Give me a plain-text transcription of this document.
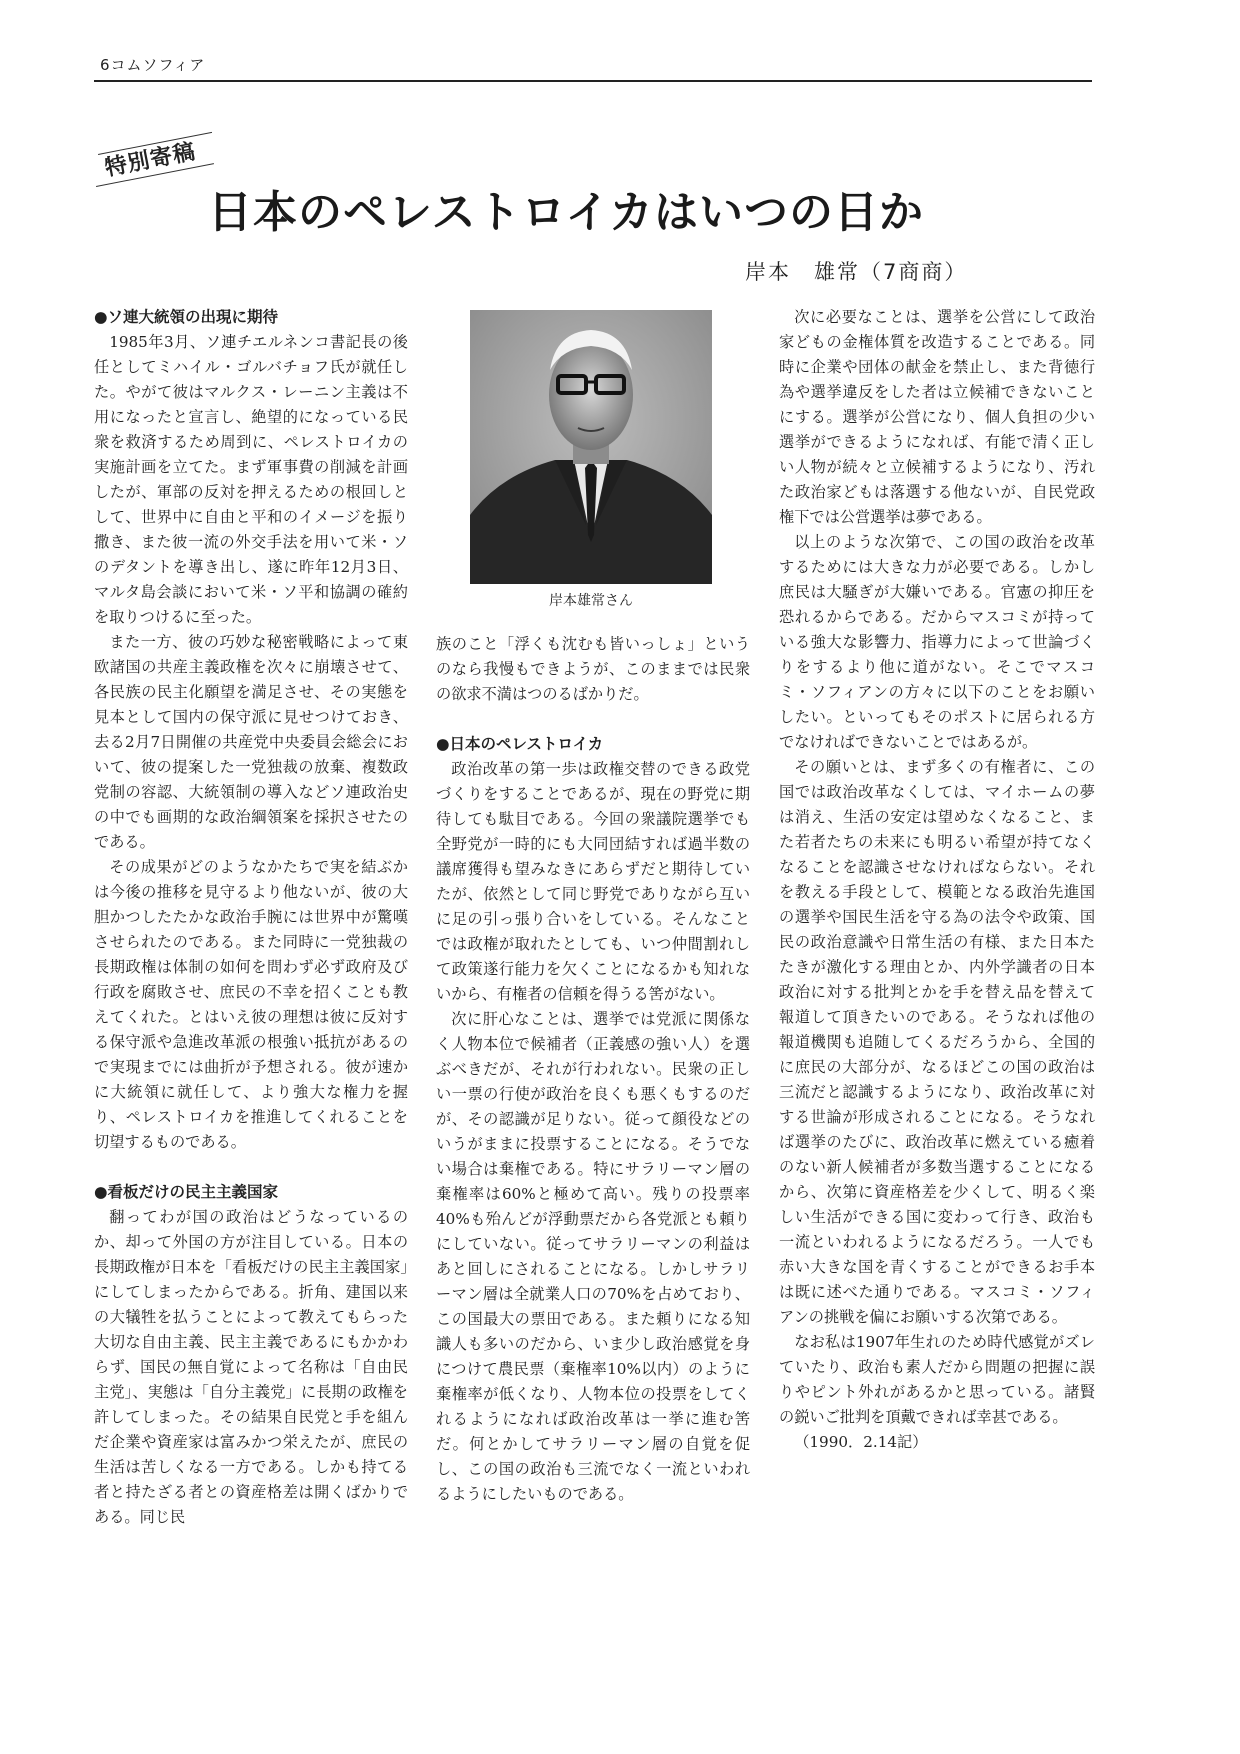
6コムソフィア
特別寄稿
日本のペレストロイカはいつの日か
岸本　雄常（7商商）
●ソ連大統領の出現に期待

1985年3月、ソ連チエルネンコ書記長の後任としてミハイル・ゴルバチョフ氏が就任した。やがて彼はマルクス・レーニン主義は不用になったと宣言し、絶望的になっている民衆を救済するため周到に、ペレストロイカの実施計画を立てた。まず軍事費の削減を計画したが、軍部の反対を押えるための根回しとして、世界中に自由と平和のイメージを振り撒き、また彼一流の外交手法を用いて米・ソのデタントを導き出し、遂に昨年12月3日、マルタ島会談において米・ソ平和協調の確約を取りつけるに至った。

また一方、彼の巧妙な秘密戦略によって東欧諸国の共産主義政権を次々に崩壊させて、各民族の民主化願望を満足させ、その実態を見本として国内の保守派に見せつけておき、去る2月7日開催の共産党中央委員会総会において、彼の提案した一党独裁の放棄、複数政党制の容認、大統領制の導入などソ連政治史の中でも画期的な政治綱領案を採択させたのである。

その成果がどのようなかたちで実を結ぶかは今後の推移を見守るより他ないが、彼の大胆かつしたたかな政治手腕には世界中が驚嘆させられたのである。また同時に一党独裁の長期政権は体制の如何を問わず必ず政府及び行政を腐敗させ、庶民の不幸を招くことも教えてくれた。とはいえ彼の理想は彼に反対する保守派や急進改革派の根強い抵抗があるので実現までには曲折が予想される。彼が速かに大統領に就任して、より強大な権力を握り、ペレストロイカを推進してくれることを切望するものである。

●看板だけの民主主義国家

翻ってわが国の政治はどうなっているのか、却って外国の方が注目している。日本の長期政権が日本を「看板だけの民主主義国家」にしてしまったからである。折角、建国以来の大犠牲を払うことによって教えてもらった大切な自由主義、民主主義であるにもかかわらず、国民の無自覚によって名称は「自由民主党」、実態は「自分主義党」に長期の政権を許してしまった。その結果自民党と手を組んだ企業や資産家は富みかつ栄えたが、庶民の生活は苦しくなる一方である。しかも持てる者と持たざる者との資産格差は開くばかりである。同じ民

岸本雄常さん

族のこと「浮くも沈むも皆いっしょ」というのなら我慢もできようが、このままでは民衆の欲求不満はつのるばかりだ。

●日本のペレストロイカ

政治改革の第一歩は政権交替のできる政党づくりをすることであるが、現在の野党に期待しても駄目である。今回の衆議院選挙でも全野党が一時的にも大同団結すれば過半数の議席獲得も望みなきにあらずだと期待していたが、依然として同じ野党でありながら互いに足の引っ張り合いをしている。そんなことでは政権が取れたとしても、いつ仲間割れして政策遂行能力を欠くことになるかも知れないから、有権者の信頼を得うる筈がない。

次に肝心なことは、選挙では党派に関係なく人物本位で候補者（正義感の強い人）を選ぶべきだが、それが行われない。民衆の正しい一票の行使が政治を良くも悪くもするのだが、その認識が足りない。従って顔役などのいうがままに投票することになる。そうでない場合は棄権である。特にサラリーマン層の棄権率は60%と極めて高い。残りの投票率40%も殆んどが浮動票だから各党派とも頼りにしていない。従ってサラリーマンの利益はあと回しにされることになる。しかしサラリーマン層は全就業人口の70%を占めており、この国最大の票田である。また頼りになる知識人も多いのだから、いま少し政治感覚を身につけて農民票（棄権率10%以内）のように棄権率が低くなり、人物本位の投票をしてくれるようになれば政治改革は一挙に進む筈だ。何とかしてサラリーマン層の自覚を促し、この国の政治も三流でなく一流といわれるようにしたいものである。

次に必要なことは、選挙を公営にして政治家どもの金権体質を改造することである。同時に企業や団体の献金を禁止し、また背徳行為や選挙違反をした者は立候補できないことにする。選挙が公営になり、個人負担の少い選挙ができるようになれば、有能で清く正しい人物が続々と立候補するようになり、汚れた政治家どもは落選する他ないが、自民党政権下では公営選挙は夢である。

以上のような次第で、この国の政治を改革するためには大きな力が必要である。しかし庶民は大騒ぎが大嫌いである。官憲の抑圧を恐れるからである。だからマスコミが持っている強大な影響力、指導力によって世論づくりをするより他に道がない。そこでマスコミ・ソフィアンの方々に以下のことをお願いしたい。といってもそのポストに居られる方でなければできないことではあるが。

その願いとは、まず多くの有権者に、この国では政治改革なくしては、マイホームの夢は消え、生活の安定は望めなくなること、また若者たちの未来にも明るい希望が持てなくなることを認識させなければならない。それを教える手段として、模範となる政治先進国の選挙や国民生活を守る為の法令や政策、国民の政治意識や日常生活の有様、また日本たたきが激化する理由とか、内外学識者の日本政治に対する批判とかを手を替え品を替えて報道して頂きたいのである。そうなれば他の報道機関も追随してくるだろうから、全国的に庶民の大部分が、なるほどこの国の政治は三流だと認識するようになり、政治改革に対する世論が形成されることになる。そうなれば選挙のたびに、政治改革に燃えている癒着のない新人候補者が多数当選することになるから、次第に資産格差を少くして、明るく楽しい生活ができる国に変わって行き、政治も一流といわれるようになるだろう。一人でも赤い大きな国を青くすることができるお手本は既に述べた通りである。マスコミ・ソフィアンの挑戦を偏にお願いする次第である。

なお私は1907年生れのため時代感覚がズレていたり、政治も素人だから問題の把握に誤りやピント外れがあるかと思っている。諸賢の鋭いご批判を頂戴できれば幸甚である。

（1990．2.14記）
